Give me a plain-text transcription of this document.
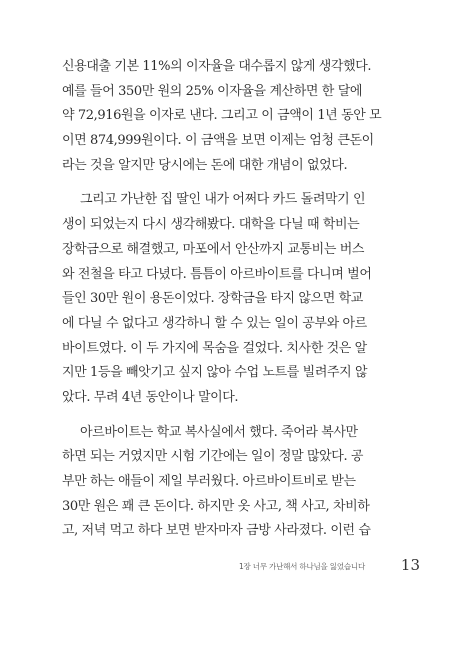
신용대출 기본 11%의 이자율을 대수롭지 않게 생각했다.
예를 들어 350만 원의 25% 이자율을 계산하면 한 달에
약 72,916원을 이자로 낸다. 그리고 이 금액이 1년 동안 모
이면 874,999원이다. 이 금액을 보면 이제는 엄청 큰돈이
라는 것을 알지만 당시에는 돈에 대한 개념이 없었다.
그리고 가난한 집 딸인 내가 어쩌다 카드 돌려막기 인
생이 되었는지 다시 생각해봤다. 대학을 다닐 때 학비는
장학금으로 해결했고, 마포에서 안산까지 교통비는 버스
와 전철을 타고 다녔다. 틈틈이 아르바이트를 다니며 벌어
들인 30만 원이 용돈이었다. 장학금을 타지 않으면 학교
에 다닐 수 없다고 생각하니 할 수 있는 일이 공부와 아르
바이트였다. 이 두 가지에 목숨을 걸었다. 치사한 것은 알
지만 1등을 빼앗기고 싶지 않아 수업 노트를 빌려주지 않
았다. 무려 4년 동안이나 말이다.
아르바이트는 학교 복사실에서 했다. 죽어라 복사만
하면 되는 거였지만 시험 기간에는 일이 정말 많았다. 공
부만 하는 애들이 제일 부러웠다. 아르바이트비로 받는
30만 원은 꽤 큰 돈이다. 하지만 옷 사고, 책 사고, 차비하
고, 저녁 먹고 하다 보면 받자마자 금방 사라졌다. 이런 습
1장 너무 가난해서 하나님을 잃었습니다 13
